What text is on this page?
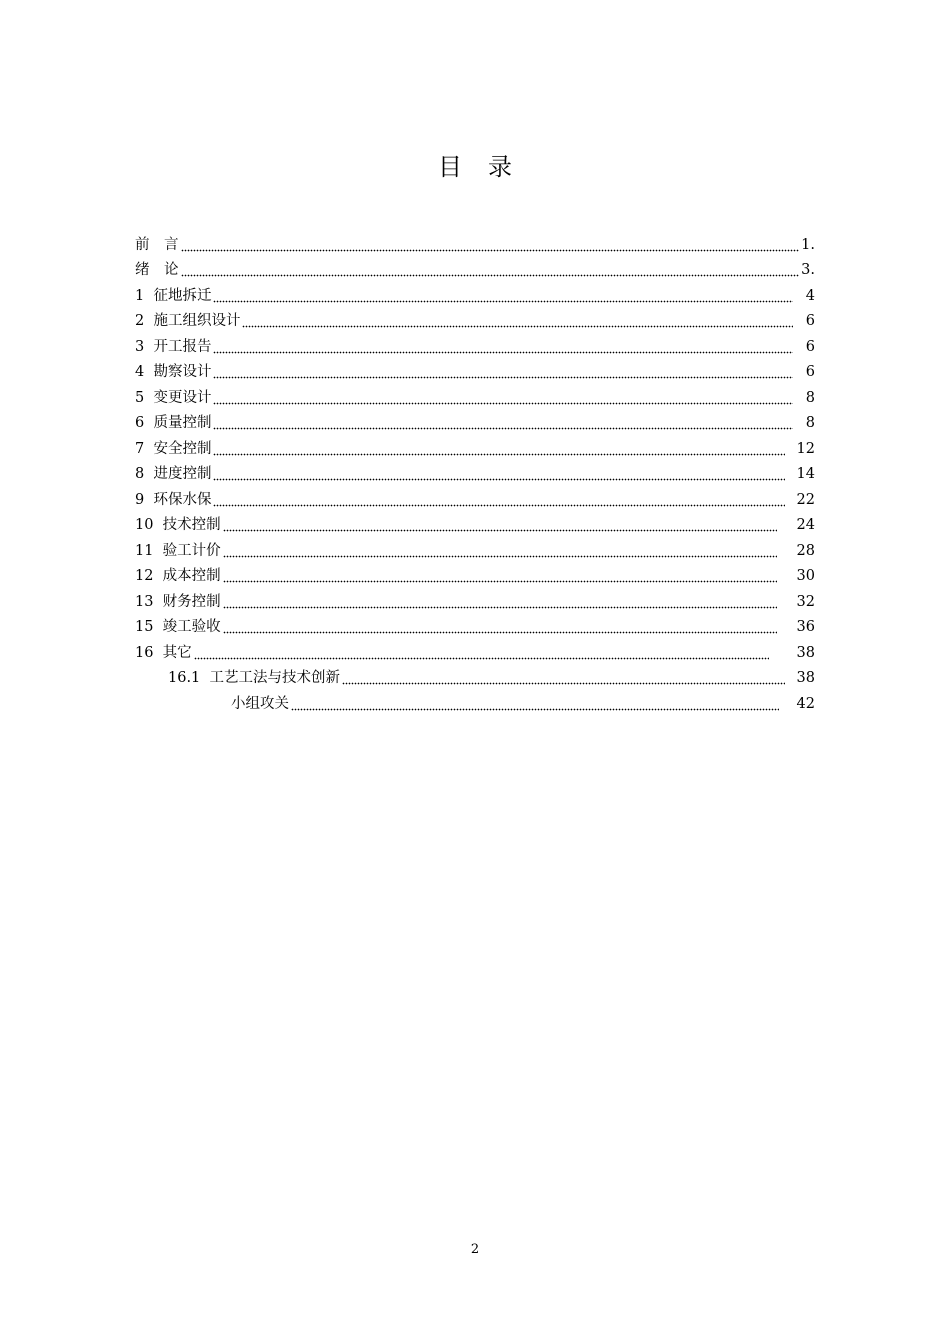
目录
前　言	1.
绪　论	3.
1  征地拆迁	4
2  施工组织设计	6
3  开工报告	6
4  勘察设计	6
5  变更设计	8
6  质量控制	8
7  安全控制	12
8  进度控制	14
9  环保水保	22
10  技术控制	24
11  验工计价	28
12  成本控制	30
13  财务控制	32
15  竣工验收	36
16  其它	38
16.1  工艺工法与技术创新	38
小组攻关	42
2
